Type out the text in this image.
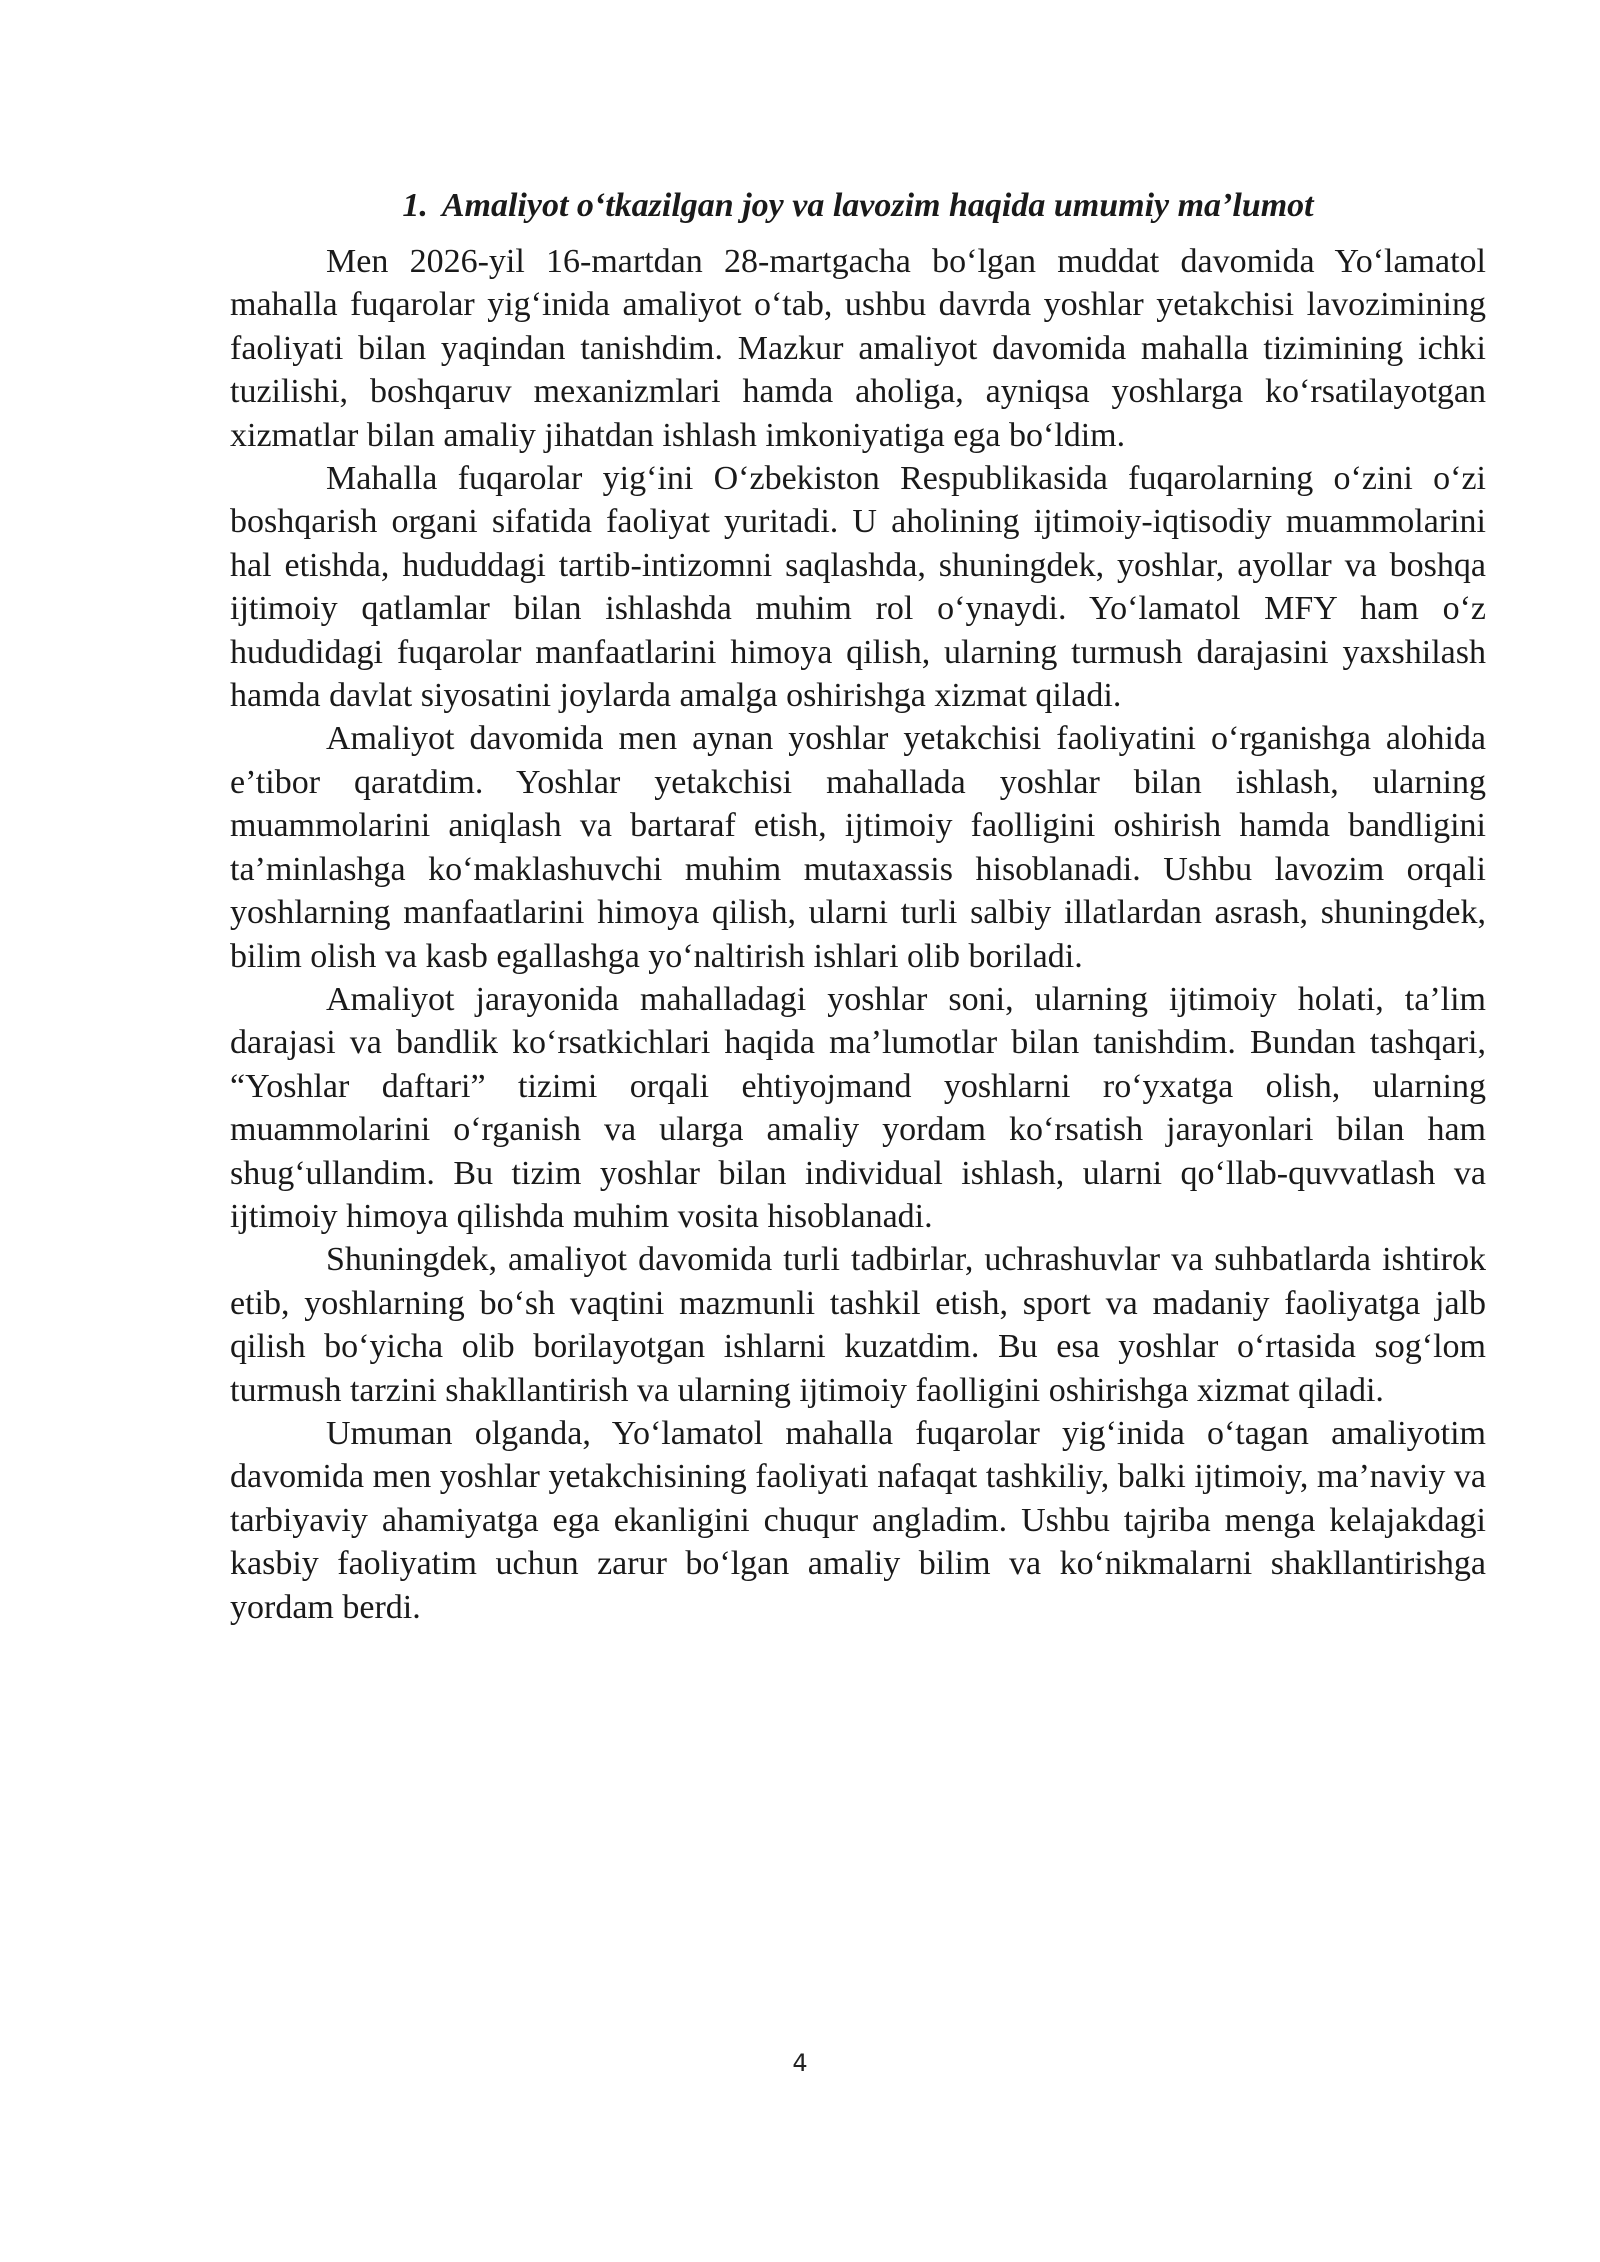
1. Amaliyot o‘tkazilgan joy va lavozim haqida umumiy ma’lumot

Men 2026-yil 16-martdan 28-martgacha bo‘lgan muddat davomida Yo‘lamatol mahalla fuqarolar yig‘inida amaliyot o‘tab, ushbu davrda yoshlar yetakchisi lavozimining faoliyati bilan yaqindan tanishdim. Mazkur amaliyot davomida mahalla tizimining ichki tuzilishi, boshqaruv mexanizmlari hamda aholiga, ayniqsa yoshlarga ko‘rsatilayotgan xizmatlar bilan amaliy jihatdan ishlash imkoniyatiga ega bo‘ldim.

Mahalla fuqarolar yig‘ini O‘zbekiston Respublikasida fuqarolarning o‘zini o‘zi boshqarish organi sifatida faoliyat yuritadi. U aholining ijtimoiy-iqtisodiy muammolarini hal etishda, hududdagi tartib-intizomni saqlashda, shuningdek, yoshlar, ayollar va boshqa ijtimoiy qatlamlar bilan ishlashda muhim rol o‘ynaydi. Yo‘lamatol MFY ham o‘z hududidagi fuqarolar manfaatlarini himoya qilish, ularning turmush darajasini yaxshilash hamda davlat siyosatini joylarda amalga oshirishga xizmat qiladi.

Amaliyot davomida men aynan yoshlar yetakchisi faoliyatini o‘rganishga alohida e’tibor qaratdim. Yoshlar yetakchisi mahallada yoshlar bilan ishlash, ularning muammolarini aniqlash va bartaraf etish, ijtimoiy faolligini oshirish hamda bandligini ta’minlashga ko‘maklashuvchi muhim mutaxassis hisoblanadi. Ushbu lavozim orqali yoshlarning manfaatlarini himoya qilish, ularni turli salbiy illatlardan asrash, shuningdek, bilim olish va kasb egallashga yo‘naltirish ishlari olib boriladi.

Amaliyot jarayonida mahalladagi yoshlar soni, ularning ijtimoiy holati, ta’lim darajasi va bandlik ko‘rsatkichlari haqida ma’lumotlar bilan tanishdim. Bundan tashqari, “Yoshlar daftari” tizimi orqali ehtiyojmand yoshlarni ro‘yxatga olish, ularning muammolarini o‘rganish va ularga amaliy yordam ko‘rsatish jarayonlari bilan ham shug‘ullandim. Bu tizim yoshlar bilan individual ishlash, ularni qo‘llab-quvvatlash va ijtimoiy himoya qilishda muhim vosita hisoblanadi.

Shuningdek, amaliyot davomida turli tadbirlar, uchrashuvlar va suhbatlarda ishtirok etib, yoshlarning bo‘sh vaqtini mazmunli tashkil etish, sport va madaniy faoliyatga jalb qilish bo‘yicha olib borilayotgan ishlarni kuzatdim. Bu esa yoshlar o‘rtasida sog‘lom turmush tarzini shakllantirish va ularning ijtimoiy faolligini oshirishga xizmat qiladi.

Umuman olganda, Yo‘lamatol mahalla fuqarolar yig‘inida o‘tagan amaliyotim davomida men yoshlar yetakchisining faoliyati nafaqat tashkiliy, balki ijtimoiy, ma’naviy va tarbiyaviy ahamiyatga ega ekanligini chuqur angladim. Ushbu tajriba menga kelajakdagi kasbiy faoliyatim uchun zarur bo‘lgan amaliy bilim va ko‘nikmalarni shakllantirishga yordam berdi.

4
